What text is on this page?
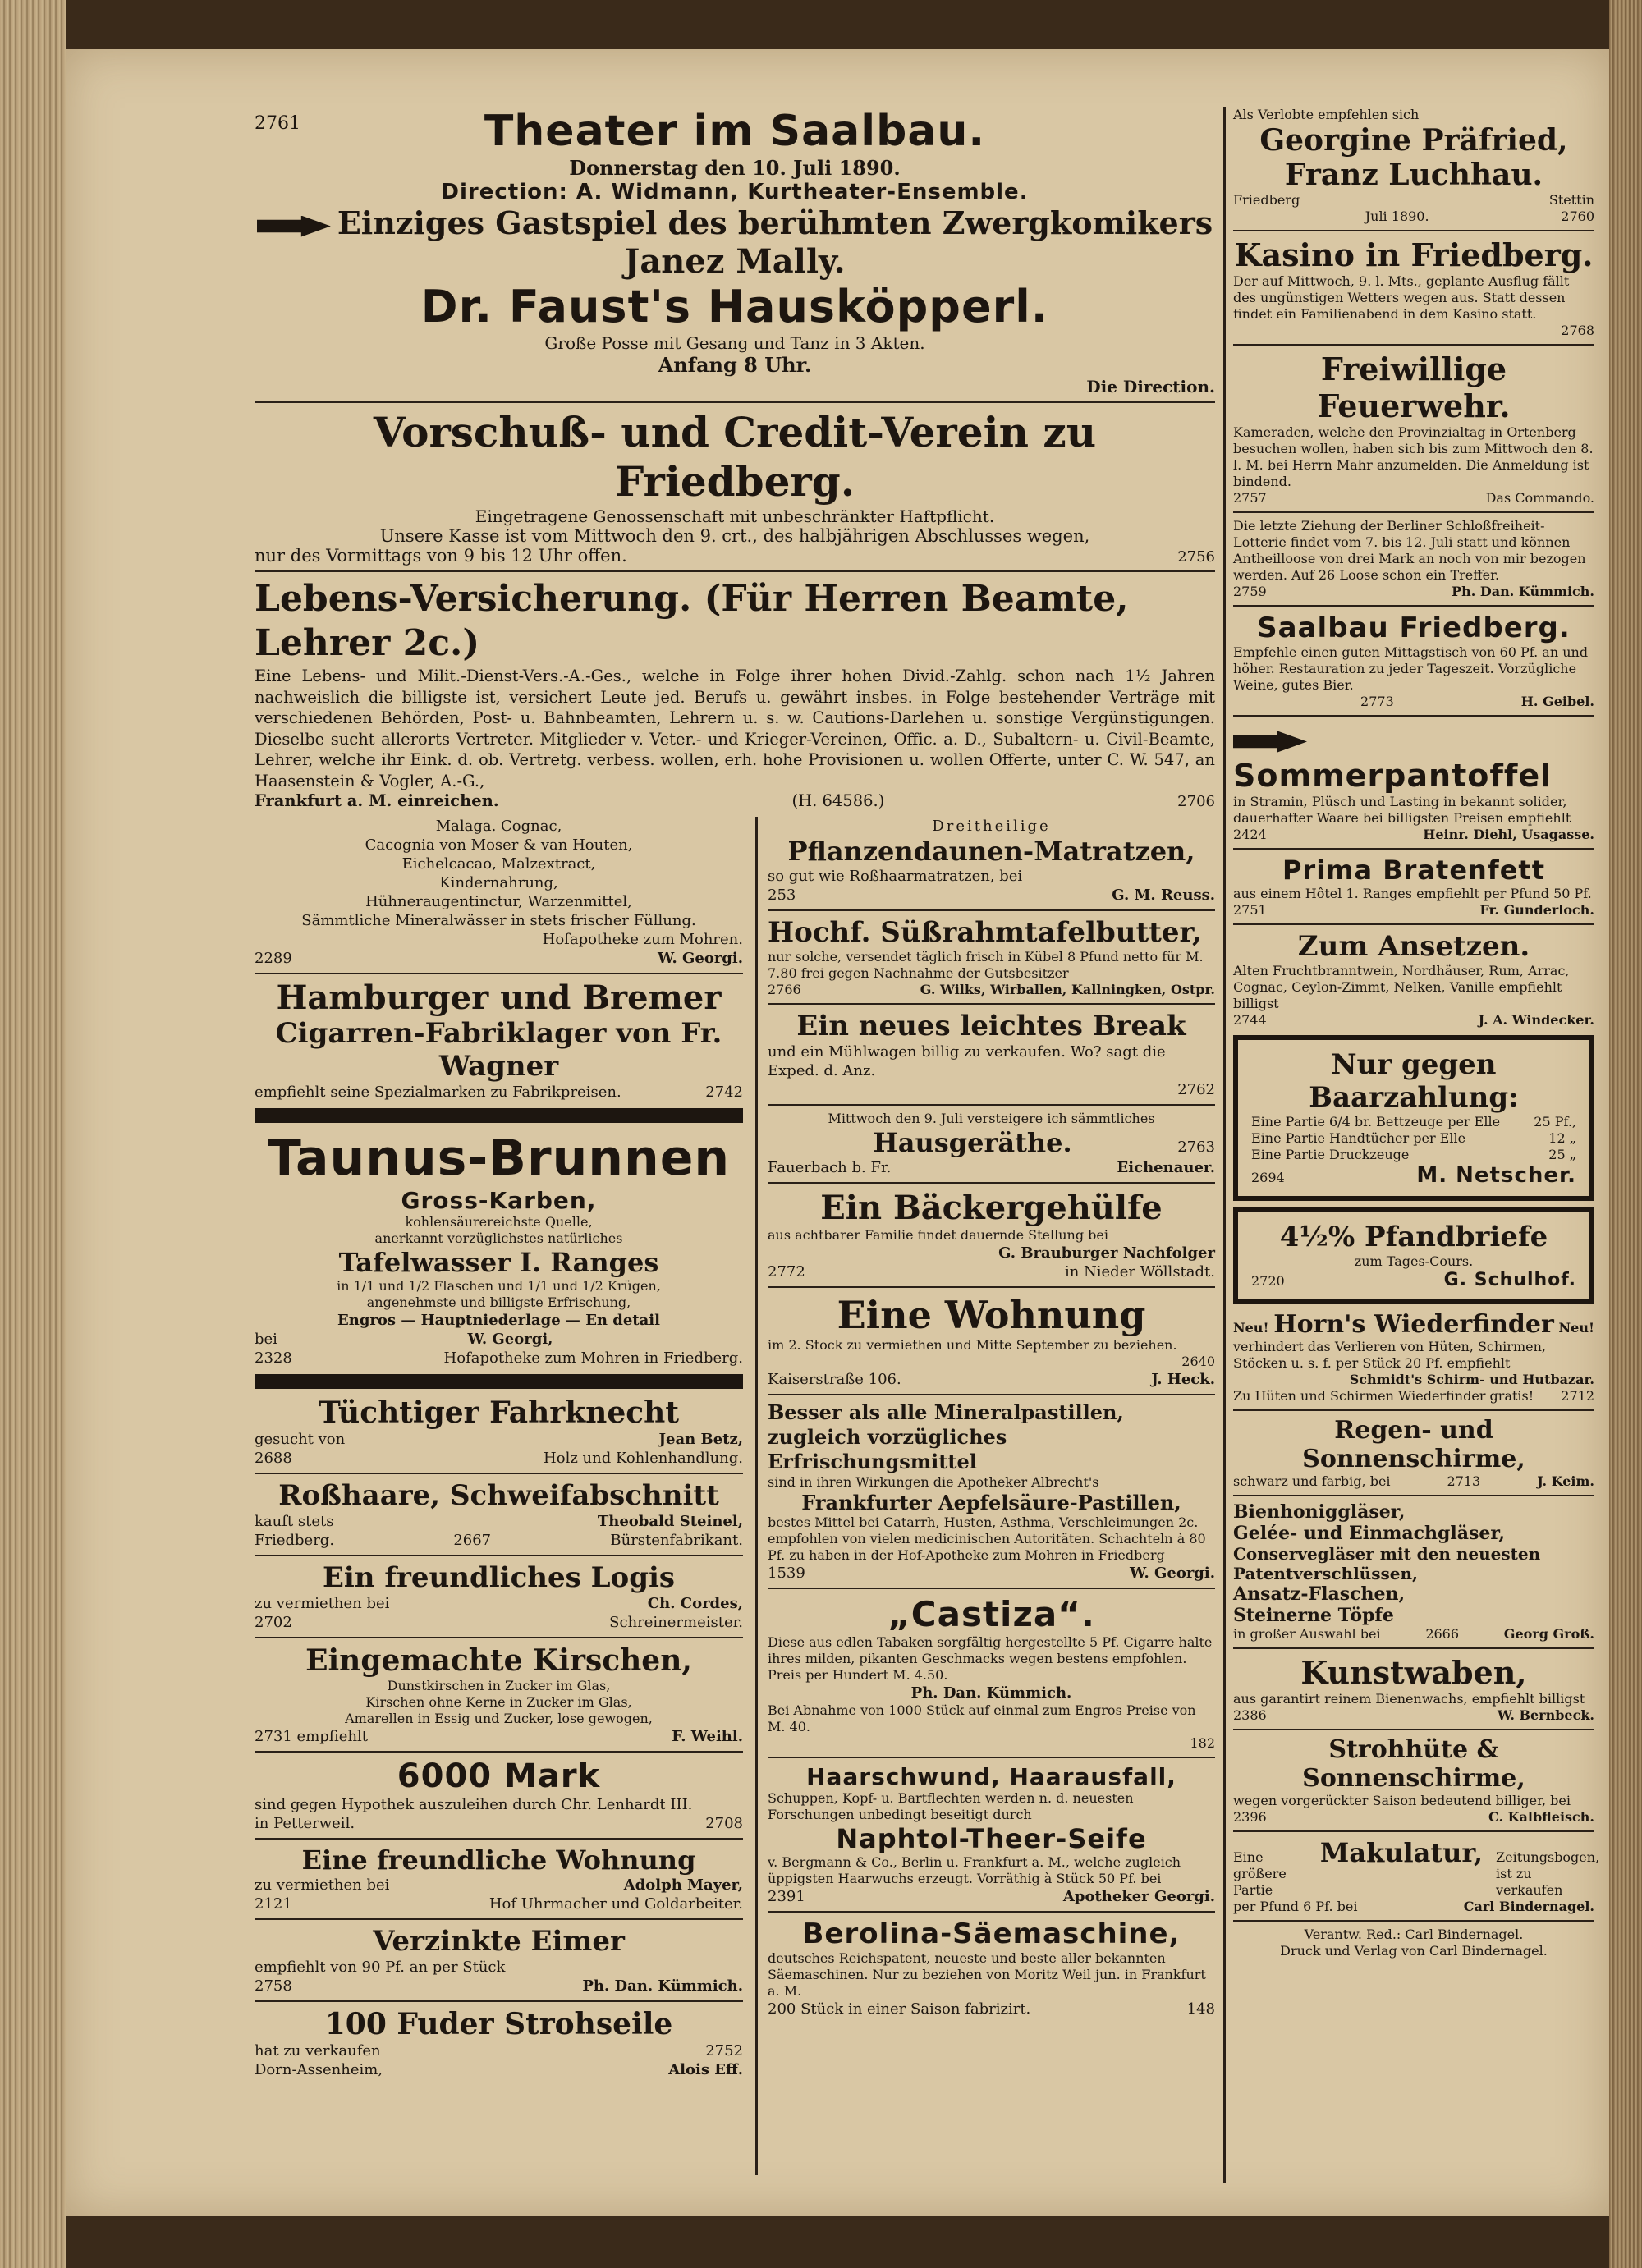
2761	Theater im Saalbau.
Donnerstag den 10. Juli 1890.
Direction: A. Widmann, Kurtheater-Ensemble.
Einziges Gastspiel des berühmten Zwergkomikers
Janez Mally.
Dr. Faust's Hausköpperl.
Große Posse mit Gesang und Tanz in 3 Akten.
Anfang 8 Uhr.
Die Direction.
Vorschuß- und Credit-Verein zu Friedberg.
Eingetragene Genossenschaft mit unbeschränkter Haftpflicht.
Unsere Kasse ist vom Mittwoch den 9. crt., des halbjährigen Abschlusses wegen,
nur des Vormittags von 9 bis 12 Uhr offen.	2756
Lebens-Versicherung. (Für Herren Beamte, Lehrer 2c.)
Eine Lebens- und Milit.-Dienst-Vers.-A.-Ges., welche in Folge ihrer hohen Divid.-Zahlg. schon nach 1½ Jahren nachweislich die billigste ist, versichert Leute jed. Berufs u. gewährt insbes. in Folge bestehender Verträge mit verschiedenen Behörden, Post- u. Bahnbeamten, Lehrern u. s. w. Cautions-Darlehen u. sonstige Vergünstigungen. Dieselbe sucht allerorts Vertreter. Mitglieder v. Veter.- und Krieger-Vereinen, Offic. a. D., Subaltern- u. Civil-Beamte, Lehrer, welche ihr Eink. d. ob. Vertretg. verbess. wollen, erh. hohe Provisionen u. wollen Offerte, unter C. W. 547, an Haasenstein & Vogler, A.-G.,
Frankfurt a. M. einreichen.	(H. 64586.)	2706
Malaga. Cognac,
Cacognia von Moser & van Houten,
Eichelcacao, Malzextract,
Kindernahrung,
Hühneraugentinctur, Warzenmittel,
Sämmtliche Mineralwässer in stets frischer Füllung.
Hofapotheke zum Mohren.
2289	W. Georgi.
Hamburger und Bremer
Cigarren-Fabriklager von Fr. Wagner
empfiehlt seine Spezialmarken zu Fabrikpreisen.	2742
Taunus-Brunnen
Gross-Karben,
kohlensäurereichste Quelle,
anerkannt vorzüglichstes natürliches
Tafelwasser I. Ranges
in 1/1 und 1/2 Flaschen und 1/1 und 1/2 Krügen,
angenehmste und billigste Erfrischung,
Engros — Hauptniederlage — En detail
bei	W. Georgi,
2328	Hofapotheke zum Mohren in Friedberg.
Tüchtiger Fahrknecht
gesucht von	Jean Betz,
2688	Holz und Kohlenhandlung.
Roßhaare, Schweifabschnitt
kauft stets	Theobald Steinel,
Friedberg.	2667	Bürstenfabrikant.
Ein freundliches Logis
zu vermiethen bei	Ch. Cordes,
2702	Schreinermeister.
Eingemachte Kirschen,
Dunstkirschen in Zucker im Glas,
Kirschen ohne Kerne in Zucker im Glas,
Amarellen in Essig und Zucker, lose gewogen,
2731 empfiehlt	F. Weihl.
6000 Mark
sind gegen Hypothek auszuleihen durch Chr. Lenhardt III.
in Petterweil.	2708
Eine freundliche Wohnung
zu vermiethen bei	Adolph Mayer,
2121	Hof Uhrmacher und Goldarbeiter.
Verzinkte Eimer
empfiehlt von 90 Pf. an per Stück
2758	Ph. Dan. Kümmich.
100 Fuder Strohseile
hat zu verkaufen	2752
Dorn-Assenheim,	Alois Eff.
Dreitheilige
Pflanzendaunen-Matratzen,
so gut wie Roßhaarmatratzen, bei
253	G. M. Reuss.
Hochf. Süßrahmtafelbutter,
nur solche, versendet täglich frisch in Kübel 8 Pfund netto für M. 7.80 frei gegen Nachnahme der Gutsbesitzer
2766	G. Wilks, Wirballen, Kallningken, Ostpr.
Ein neues leichtes Break
und ein Mühlwagen billig zu verkaufen. Wo? sagt die Exped. d. Anz.
2762
Mittwoch den 9. Juli versteigere ich sämmtliches
Hausgeräthe.	2763
Fauerbach b. Fr.	Eichenauer.
Ein Bäckergehülfe
aus achtbarer Familie findet dauernde Stellung bei
G. Brauburger Nachfolger
2772	in Nieder Wöllstadt.
Eine Wohnung
im 2. Stock zu vermiethen und Mitte September zu beziehen.
2640
Kaiserstraße 106.	J. Heck.
Besser als alle Mineralpastillen, zugleich vorzügliches Erfrischungsmittel
sind in ihren Wirkungen die Apotheker Albrecht's
Frankfurter Aepfelsäure-Pastillen,
bestes Mittel bei Catarrh, Husten, Asthma, Verschleimungen 2c. empfohlen von vielen medicinischen Autoritäten. Schachteln à 80 Pf. zu haben in der Hof-Apotheke zum Mohren in Friedberg
1539	W. Georgi.
„Castiza“.
Diese aus edlen Tabaken sorgfältig hergestellte 5 Pf. Cigarre halte ihres milden, pikanten Geschmacks wegen bestens empfohlen. Preis per Hundert M. 4.50.
Ph. Dan. Kümmich.
Bei Abnahme von 1000 Stück auf einmal zum Engros Preise von M. 40.
182
Haarschwund, Haarausfall,
Schuppen, Kopf- u. Bartflechten werden n. d. neuesten Forschungen unbedingt beseitigt durch
Naphtol-Theer-Seife
v. Bergmann & Co., Berlin u. Frankfurt a. M., welche zugleich üppigsten Haarwuchs erzeugt. Vorräthig à Stück 50 Pf. bei
2391	Apotheker Georgi.
Berolina-Säemaschine,
deutsches Reichspatent, neueste und beste aller bekannten Säemaschinen. Nur zu beziehen von Moritz Weil jun. in Frankfurt a. M.
200 Stück in einer Saison fabrizirt.	148
Als Verlobte empfehlen sich
Georgine Präfried,
Franz Luchhau.
Friedberg	Stettin
Juli 1890.	2760
Kasino in Friedberg.
Der auf Mittwoch, 9. l. Mts., geplante Ausflug fällt des ungünstigen Wetters wegen aus. Statt dessen findet ein Familienabend in dem Kasino statt.
2768
Freiwillige Feuerwehr.
Kameraden, welche den Provinzialtag in Ortenberg besuchen wollen, haben sich bis zum Mittwoch den 8. l. M. bei Herrn Mahr anzumelden. Die Anmeldung ist bindend.
2757	Das Commando.
Die letzte Ziehung der Berliner Schloßfreiheit-Lotterie findet vom 7. bis 12. Juli statt und können Antheilloose von drei Mark an noch von mir bezogen werden. Auf 26 Loose schon ein Treffer.
2759	Ph. Dan. Kümmich.
Saalbau Friedberg.
Empfehle einen guten Mittagstisch von 60 Pf. an und höher. Restauration zu jeder Tageszeit. Vorzügliche Weine, gutes Bier.
2773	H. Geibel.
Sommerpantoffel
in Stramin, Plüsch und Lasting in bekannt solider, dauerhafter Waare bei billigsten Preisen empfiehlt
2424	Heinr. Diehl, Usagasse.
Prima Bratenfett
aus einem Hôtel 1. Ranges empfiehlt per Pfund 50 Pf.
2751	Fr. Gunderloch.
Zum Ansetzen.
Alten Fruchtbranntwein, Nordhäuser, Rum, Arrac, Cognac, Ceylon-Zimmt, Nelken, Vanille empfiehlt billigst
2744	J. A. Windecker.
Nur gegen Baarzahlung:
Eine Partie 6/4 br. Bettzeuge per Elle	25 Pf.,
Eine Partie Handtücher per Elle	12 „
Eine Partie Druckzeuge	25 „
2694	M. Netscher.
4½% Pfandbriefe
zum Tages-Cours.
2720	G. Schulhof.
Neu! Horn's Wiederfinder Neu!
verhindert das Verlieren von Hüten, Schirmen, Stöcken u. s. f. per Stück 20 Pf. empfiehlt
Schmidt's Schirm- und Hutbazar.
Zu Hüten und Schirmen Wiederfinder gratis! 2712
Regen- und Sonnenschirme,
schwarz und farbig, bei	2713	J. Keim.
Bienhoniggläser,
Gelée- und Einmachgläser,
Conservegläser mit den neuesten Patentverschlüssen,
Ansatz-Flaschen,
Steinerne Töpfe
in großer Auswahl bei	2666	Georg Groß.
Kunstwaben,
aus garantirt reinem Bienenwachs, empfiehlt billigst
2386	W. Bernbeck.
Strohhüte & Sonnenschirme,
wegen vorgerückter Saison bedeutend billiger, bei
2396	C. Kalbfleisch.
Eine größere Partie
Makulatur, Zeitungsbogen, ist zu verkaufen
per Pfund 6 Pf. bei	Carl Bindernagel.
Verantw. Red.: Carl Bindernagel.
Druck und Verlag von Carl Bindernagel.
